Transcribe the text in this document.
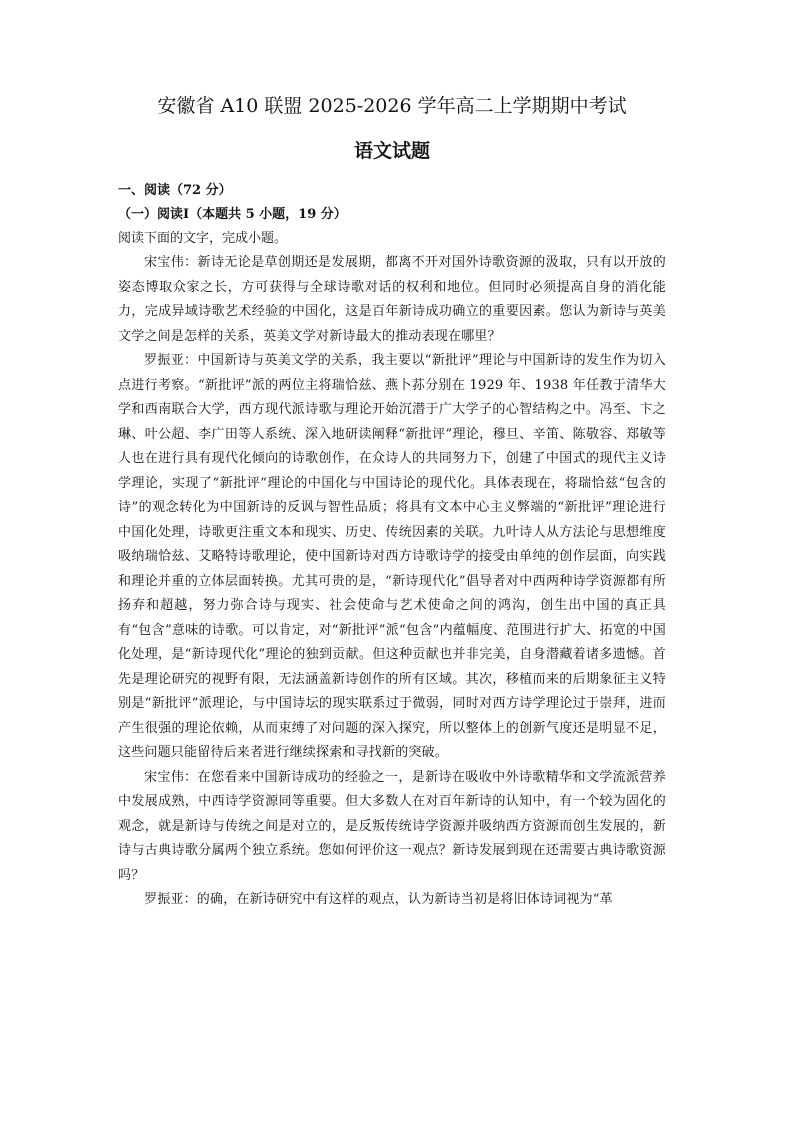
安徽省 A10 联盟 2025-2026 学年高二上学期期中考试
语文试题
一、阅读（72 分）
（一）阅读Ⅰ（本题共 5 小题，19 分）
阅读下面的文字，完成小题。

宋宝伟：新诗无论是草创期还是发展期，都离不开对国外诗歌资源的汲取，只有以开放的姿态博取众家之长，方可获得与全球诗歌对话的权利和地位。但同时必须提高自身的消化能力，完成异域诗歌艺术经验的中国化，这是百年新诗成功确立的重要因素。您认为新诗与英美文学之间是怎样的关系，英美文学对新诗最大的推动表现在哪里？

罗振亚：中国新诗与英美文学的关系，我主要以“新批评”理论与中国新诗的发生作为切入点进行考察。“新批评”派的两位主将瑞恰兹、燕卜荪分别在 1929 年、1938 年任教于清华大学和西南联合大学，西方现代派诗歌与理论开始沉潜于广大学子的心智结构之中。冯至、卞之琳、叶公超、李广田等人系统、深入地研读阐释“新批评”理论，穆旦、辛笛、陈敬容、郑敏等人也在进行具有现代化倾向的诗歌创作，在众诗人的共同努力下，创建了中国式的现代主义诗学理论，实现了“新批评”理论的中国化与中国诗论的现代化。具体表现在，将瑞恰兹“包含的诗”的观念转化为中国新诗的反讽与智性品质；将具有文本中心主义弊端的“新批评”理论进行中国化处理，诗歌更注重文本和现实、历史、传统因素的关联。九叶诗人从方法论与思想维度吸纳瑞恰兹、艾略特诗歌理论，使中国新诗对西方诗歌诗学的接受由单纯的创作层面，向实践和理论并重的立体层面转换。尤其可贵的是，“新诗现代化”倡导者对中西两种诗学资源都有所扬弃和超越，努力弥合诗与现实、社会使命与艺术使命之间的鸿沟，创生出中国的真正具有“包含”意味的诗歌。可以肯定，对“新批评”派“包含”内蕴幅度、范围进行扩大、拓宽的中国化处理，是“新诗现代化”理论的独到贡献。但这种贡献也并非完美，自身潜藏着诸多遗憾。首先是理论研究的视野有限，无法涵盖新诗创作的所有区域。其次，移植而来的后期象征主义特别是“新批评”派理论，与中国诗坛的现实联系过于微弱，同时对西方诗学理论过于崇拜，进而产生很强的理论依赖，从而束缚了对问题的深入探究，所以整体上的创新气度还是明显不足，这些问题只能留待后来者进行继续探索和寻找新的突破。

宋宝伟：在您看来中国新诗成功的经验之一，是新诗在吸收中外诗歌精华和文学流派营养中发展成熟，中西诗学资源同等重要。但大多数人在对百年新诗的认知中，有一个较为固化的观念，就是新诗与传统之间是对立的，是反叛传统诗学资源并吸纳西方资源而创生发展的，新诗与古典诗歌分属两个独立系统。您如何评价这一观点？新诗发展到现在还需要古典诗歌资源吗？

罗振亚：的确，在新诗研究中有这样的观点，认为新诗当初是将旧体诗词视为“革
